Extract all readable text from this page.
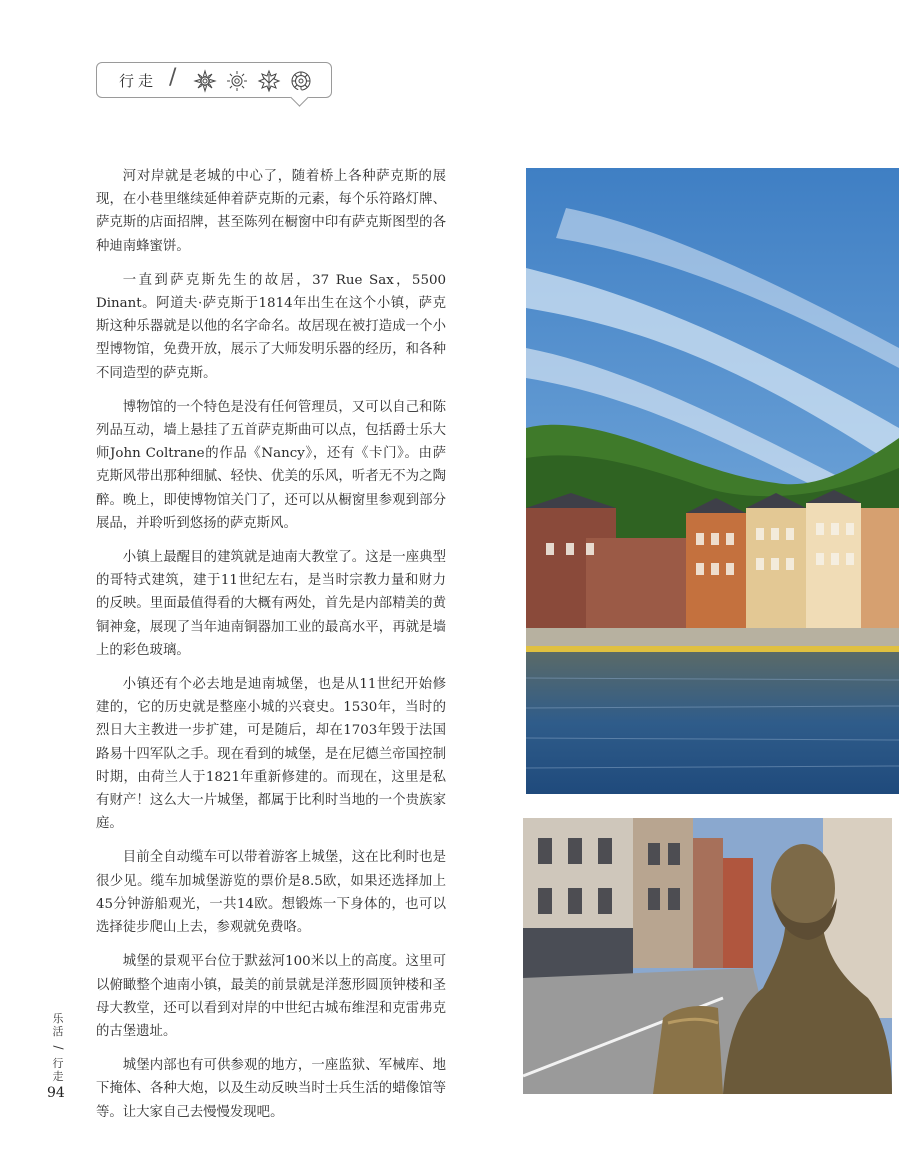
行走 /

河对岸就是老城的中心了，随着桥上各种萨克斯的展现，在小巷里继续延伸着萨克斯的元素，每个乐符路灯牌、萨克斯的店面招牌，甚至陈列在橱窗中印有萨克斯图型的各种迪南蜂蜜饼。

一直到萨克斯先生的故居，37 Rue Sax，5500 Dinant。阿道夫·萨克斯于1814年出生在这个小镇，萨克斯这种乐器就是以他的名字命名。故居现在被打造成一个小型博物馆，免费开放，展示了大师发明乐器的经历，和各种不同造型的萨克斯。

博物馆的一个特色是没有任何管理员，又可以自己和陈列品互动，墙上悬挂了五首萨克斯曲可以点，包括爵士乐大师John Coltrane的作品《Nancy》，还有《卡门》。由萨克斯风带出那种细腻、轻快、优美的乐风，听者无不为之陶醉。晚上，即使博物馆关门了，还可以从橱窗里参观到部分展品，并聆听到悠扬的萨克斯风。

小镇上最醒目的建筑就是迪南大教堂了。这是一座典型的哥特式建筑，建于11世纪左右，是当时宗教力量和财力的反映。里面最值得看的大概有两处，首先是内部精美的黄铜神龛，展现了当年迪南铜器加工业的最高水平，再就是墙上的彩色玻璃。

小镇还有个必去地是迪南城堡，也是从11世纪开始修建的，它的历史就是整座小城的兴衰史。1530年，当时的烈日大主教进一步扩建，可是随后，却在1703年毁于法国路易十四军队之手。现在看到的城堡，是在尼德兰帝国控制时期，由荷兰人于1821年重新修建的。而现在，这里是私有财产！这么大一片城堡，都属于比利时当地的一个贵族家庭。

目前全自动缆车可以带着游客上城堡，这在比利时也是很少见。缆车加城堡游览的票价是8.5欧，如果还选择加上45分钟游船观光，一共14欧。想锻炼一下身体的，也可以选择徒步爬山上去，参观就免费咯。

城堡的景观平台位于默兹河100米以上的高度。这里可以俯瞰整个迪南小镇，最美的前景就是洋葱形圆顶钟楼和圣母大教堂，还可以看到对岸的中世纪古城布维涅和克雷弗克的古堡遗址。

城堡内部也有可供参观的地方，一座监狱、军械库、地下掩体、各种大炮，以及生动反映当时士兵生活的蜡像馆等等。让大家自己去慢慢发现吧。

乐活
/
行走
94
